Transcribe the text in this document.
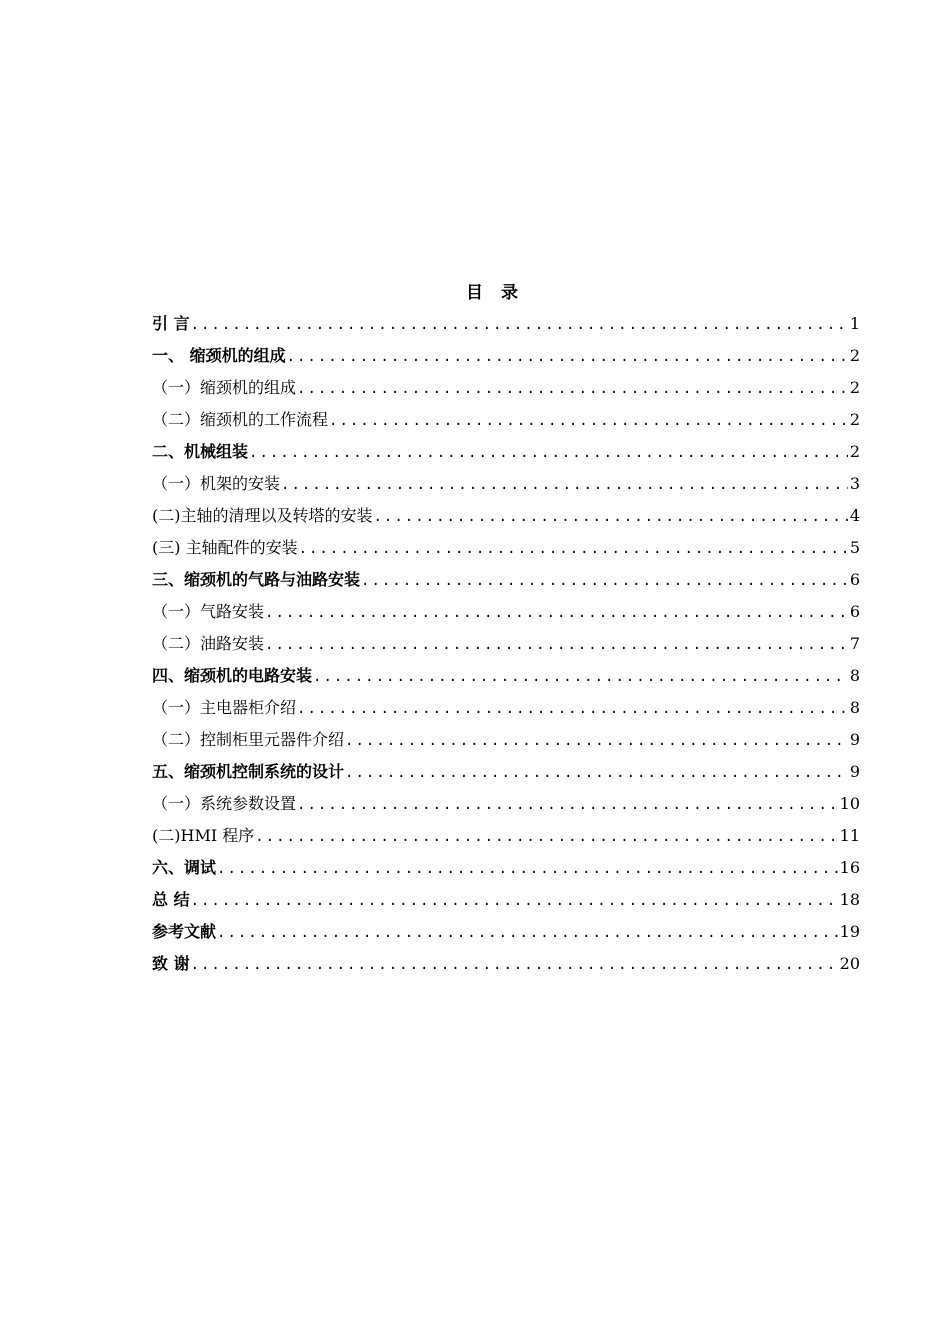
目 录
引 言 .....	1
一、 缩颈机的组成 .....	2
（一）缩颈机的组成 .....	2
（二）缩颈机的工作流程 .....	2
二、机械组装 .....	2
（一）机架的安装 .....	3
(二)主轴的清理以及转塔的安装 .....	4
(三) 主轴配件的安装 .....	5
三、缩颈机的气路与油路安装 .....	6
（一）气路安装 .....	6
（二）油路安装 .....	7
四、缩颈机的电路安装 .....	8
（一）主电器柜介绍 .....	8
（二）控制柜里元器件介绍 .....	9
五、缩颈机控制系统的设计 .....	9
（一）系统参数设置 .....	10
(二)HMI 程序 .....	11
六、调试 .....	16
总 结 .....	18
参考文献 .....	19
致 谢 .....	20
